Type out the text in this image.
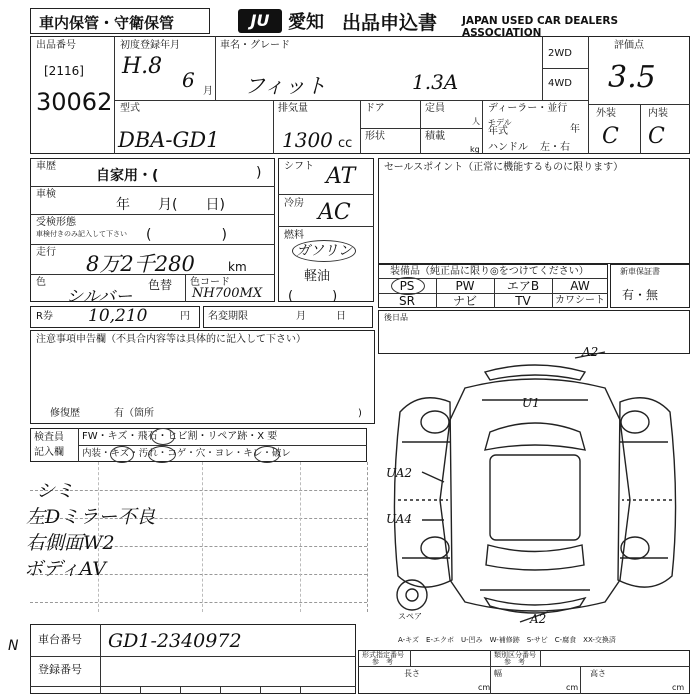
車内保管・守衛保管	JU	愛知 出品申込書 JAPAN USED CAR DEALERS ASSOCIATION
出品番号
[2116]
30062
初度登録年月
H.8
6 月
車名・グレード
フィット	1.3A
2WD
4WD
評価点
3.5
型式
DBA-GD1
排気量
1300 cc
ドア
形状
定員
人
積載
kg
ディーラー・並行
モデル
年式	年
ハンドル 左・右
外装	内装
C C
車歴
自家用・(	)
車検
年　　月(　　日)
受検形態
車検付きのみ記入して下さい (　　　　　)
走行 8万2千280	km
色
シルバー
色替 色コード
NH700MX
シフト AT
冷房 AC
燃料
ガソリン
軽油
(　　　)
セールスポイント（正常に機能するものに限ります）
装備品（純正品に限り◎をつけてください）
PS	PW	エアB	AW
SR	ナビ	TV	カワシート
新車保証書
有・無
R券 10,210	円 名変期限	月　　　日	後日品
注意事項申告欄（不具合内容等は具体的に記入して下さい）
修復歴	有（箇所	)
検査員
記入欄
FW・キズ・飛石・ヒビ割・リペア跡・X 要
内装・キズ・汚れ・コゲ・穴・ヨレ・キレ・破レ
シミ
左Dミラー不良
右側面W2
ボディAV
A2
U1
UA2
UA4
A2
スペア
A-キズ　E-エクボ　U-凹み　W-補修跡　S-サビ　C-腐食　XX-交換済
N 車台番号 GD1-2340972
登録番号
形式指定番号
参　考
類別区分番号
参　考
長さ
cm
幅
cm
高さ
cm
